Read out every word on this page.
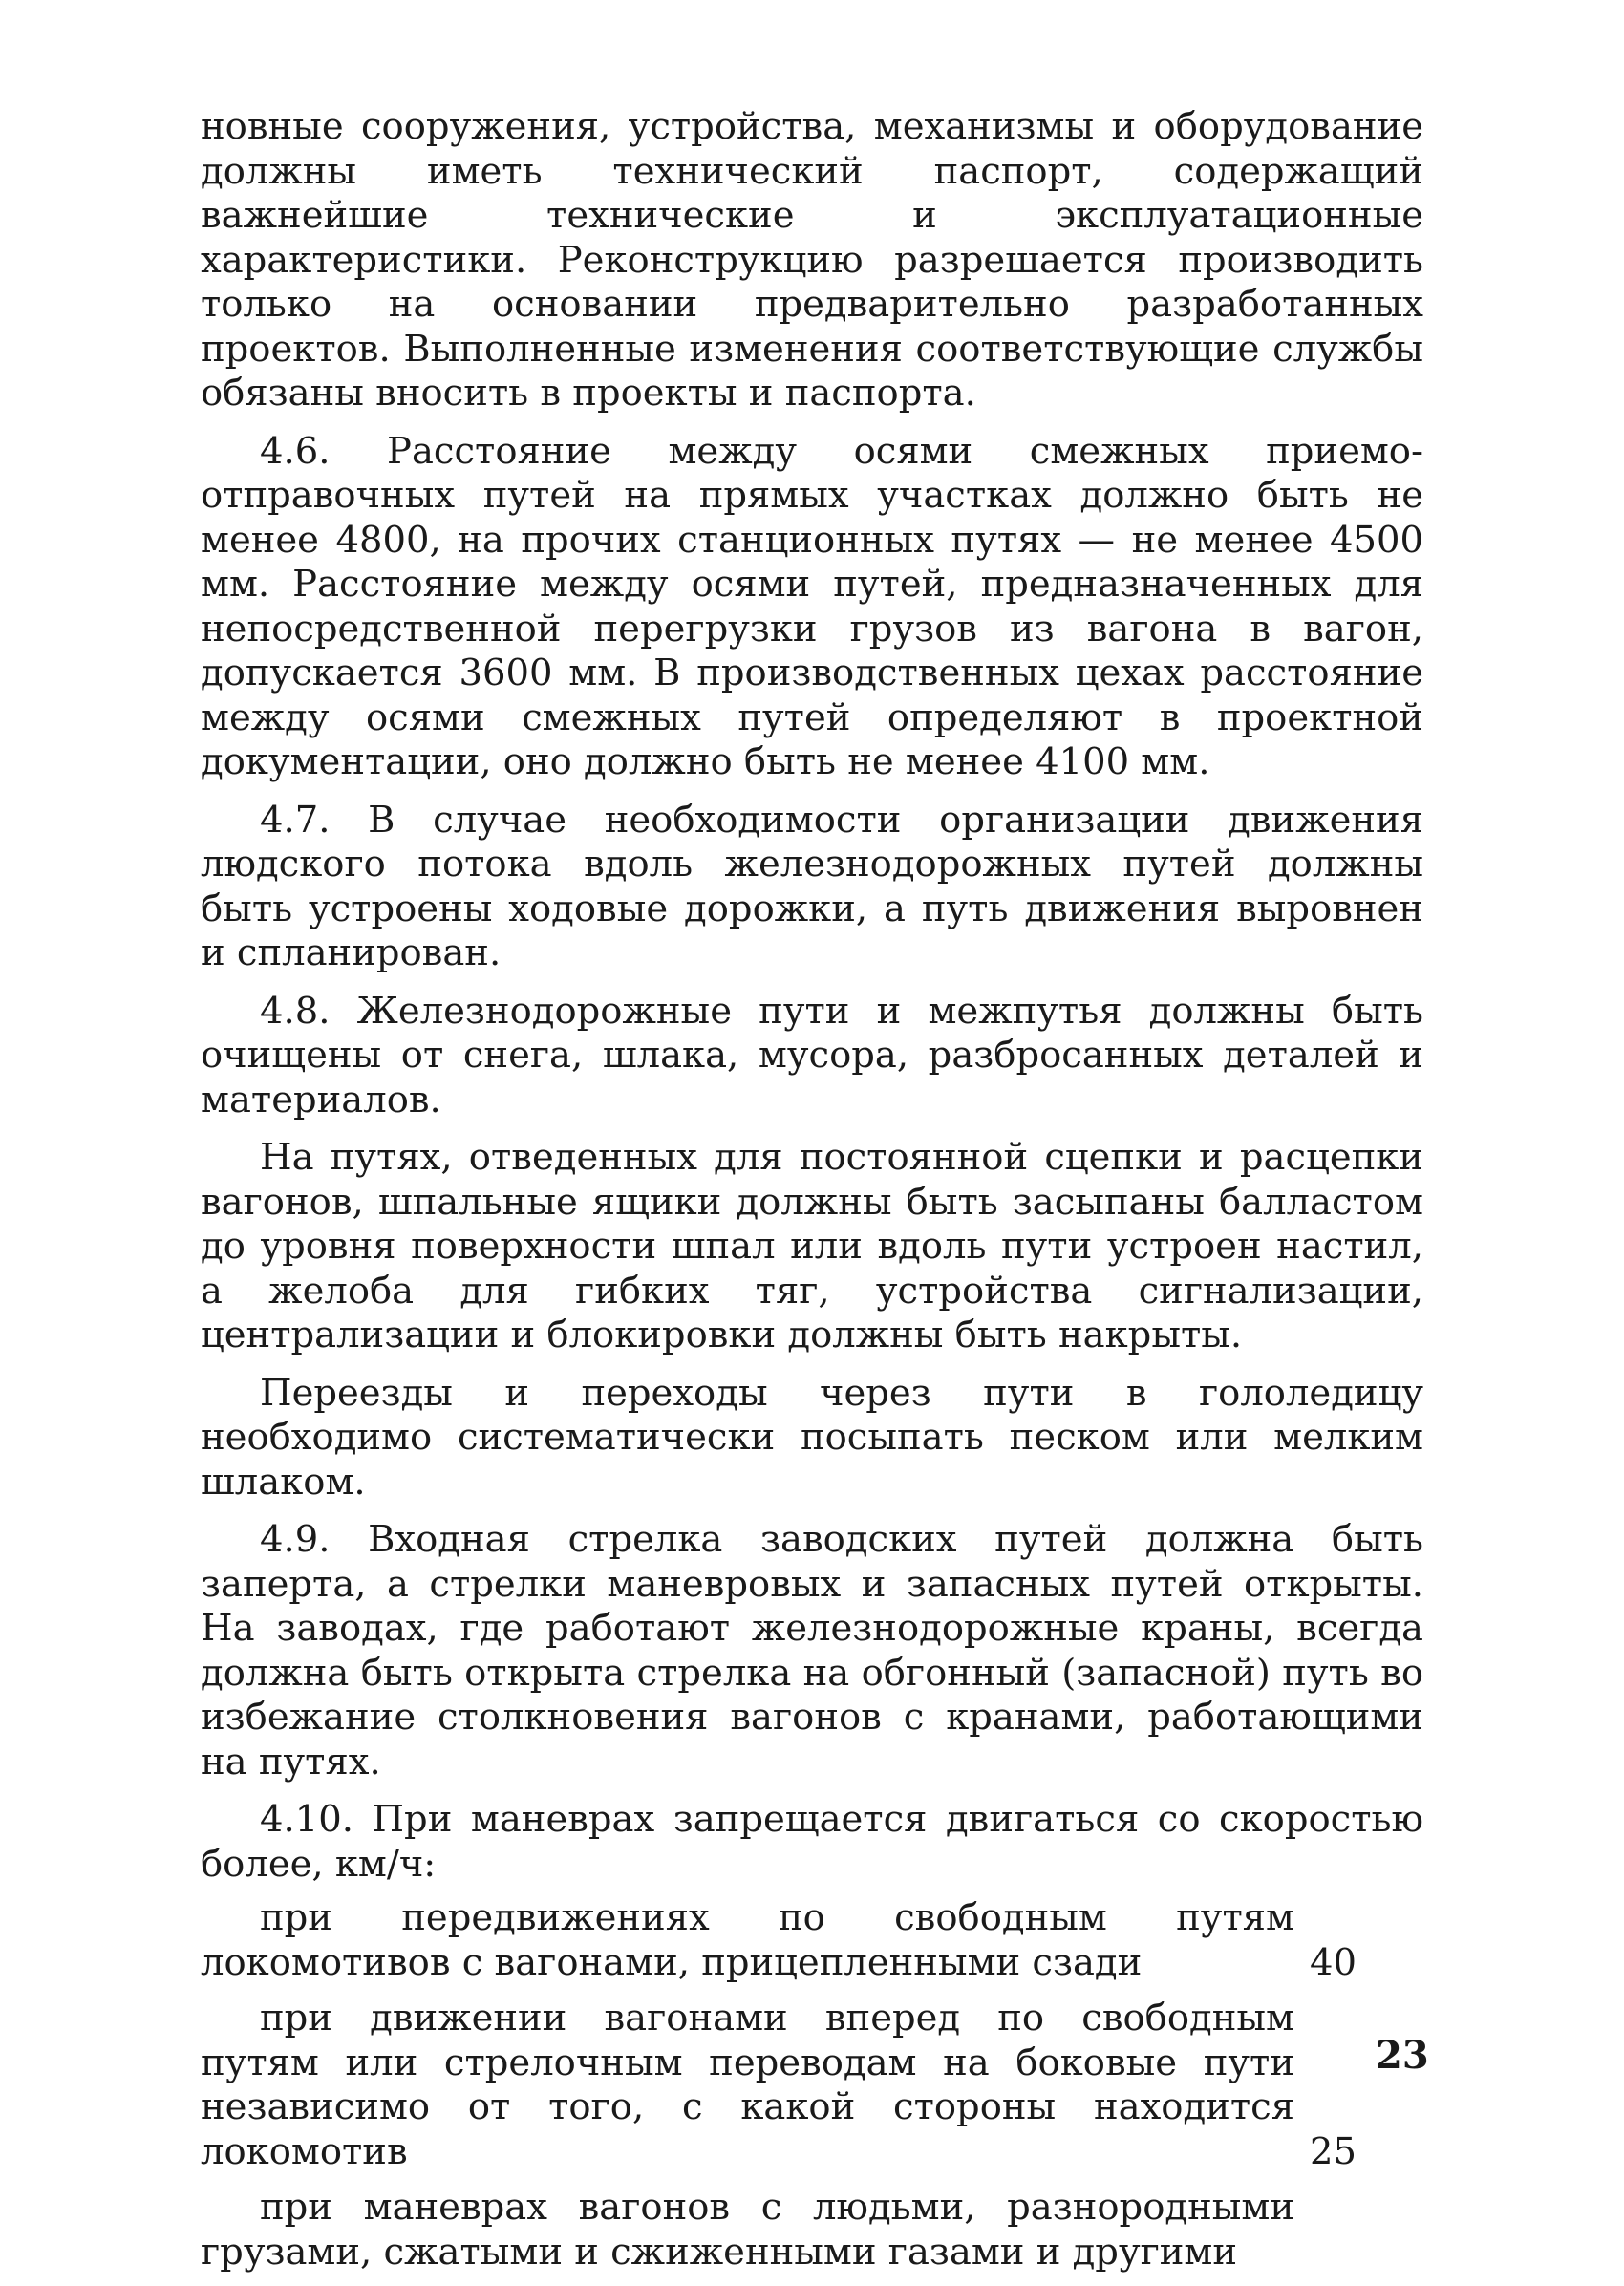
новные сооружения, устройства, механизмы и оборудование должны иметь технический паспорт, содержащий важнейшие технические и эксплуатационные характеристики. Реконструкцию разрешается производить только на основании предварительно разработанных проектов. Выполненные изменения соответствующие службы обязаны вносить в проекты и паспорта.

4.6. Расстояние между осями смежных приемо-отправочных путей на прямых участках должно быть не менее 4800, на прочих станционных путях — не менее 4500 мм. Расстояние между осями путей, предназначенных для непосредственной перегрузки грузов из вагона в вагон, допускается 3600 мм. В производственных цехах расстояние между осями смежных путей определяют в проектной документации, оно должно быть не менее 4100 мм.

4.7. В случае необходимости организации движения людского потока вдоль железнодорожных путей должны быть устроены ходовые дорожки, а путь движения выровнен и спланирован.

4.8. Железнодорожные пути и межпутья должны быть очищены от снега, шлака, мусора, разбросанных деталей и материалов.

На путях, отведенных для постоянной сцепки и расцепки вагонов, шпальные ящики должны быть засыпаны балластом до уровня поверхности шпал или вдоль пути устроен настил, а желоба для гибких тяг, устройства сигнализации, централизации и блокировки должны быть накрыты.

Переезды и переходы через пути в гололедицу необходимо систематически посыпать песком или мелким шлаком.

4.9. Входная стрелка заводских путей должна быть заперта, а стрелки маневровых и запасных путей открыты. На заводах, где работают железнодорожные краны, всегда должна быть открыта стрелка на обгонный (запасной) путь во избежание столкновения вагонов с кранами, работающими на путях.

4.10. При маневрах запрещается двигаться со скоростью более, км/ч:

при передвижениях по свободным путям локомотивов с вагонами, прицепленными сзади	40
при движении вагонами вперед по свободным путям или стрелочным переводам на боковые пути независимо от того, с какой стороны находится локомотив	25
при маневрах вагонов с людьми, разнородными грузами, сжатыми и сжиженными газами и другими
23
